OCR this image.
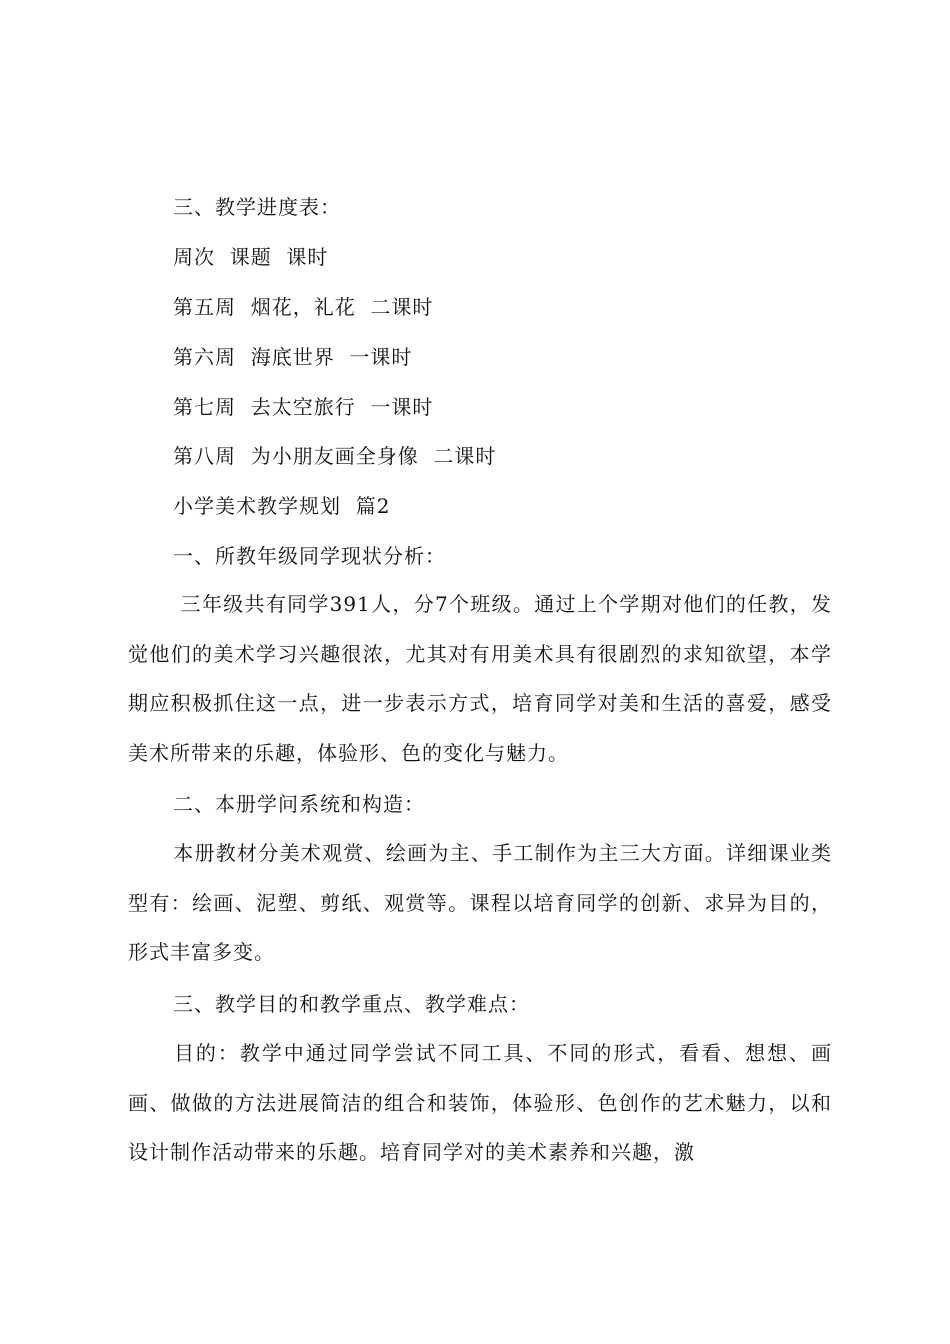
三、教学进度表：
周次  课题  课时
第五周  烟花，礼花  二课时
第六周  海底世界  一课时
第七周  去太空旅行  一课时
第八周  为小朋友画全身像  二课时
小学美术教学规划  篇2
一、所教年级同学现状分析：
三年级共有同学391人，分7个班级。通过上个学期对他们的任教，发觉他们的美术学习兴趣很浓，尤其对有用美术具有很剧烈的求知欲望，本学期应积极抓住这一点，进一步表示方式，培育同学对美和生活的喜爱，感受美术所带来的乐趣，体验形、色的变化与魅力。
二、本册学问系统和构造：
本册教材分美术观赏、绘画为主、手工制作为主三大方面。详细课业类型有：绘画、泥塑、剪纸、观赏等。课程以培育同学的创新、求异为目的，形式丰富多变。
三、教学目的和教学重点、教学难点：
目的：教学中通过同学尝试不同工具、不同的形式，看看、想想、画画、做做的方法进展简洁的组合和装饰，体验形、色创作的艺术魅力，以和设计制作活动带来的乐趣。培育同学对的美术素养和兴趣，激
